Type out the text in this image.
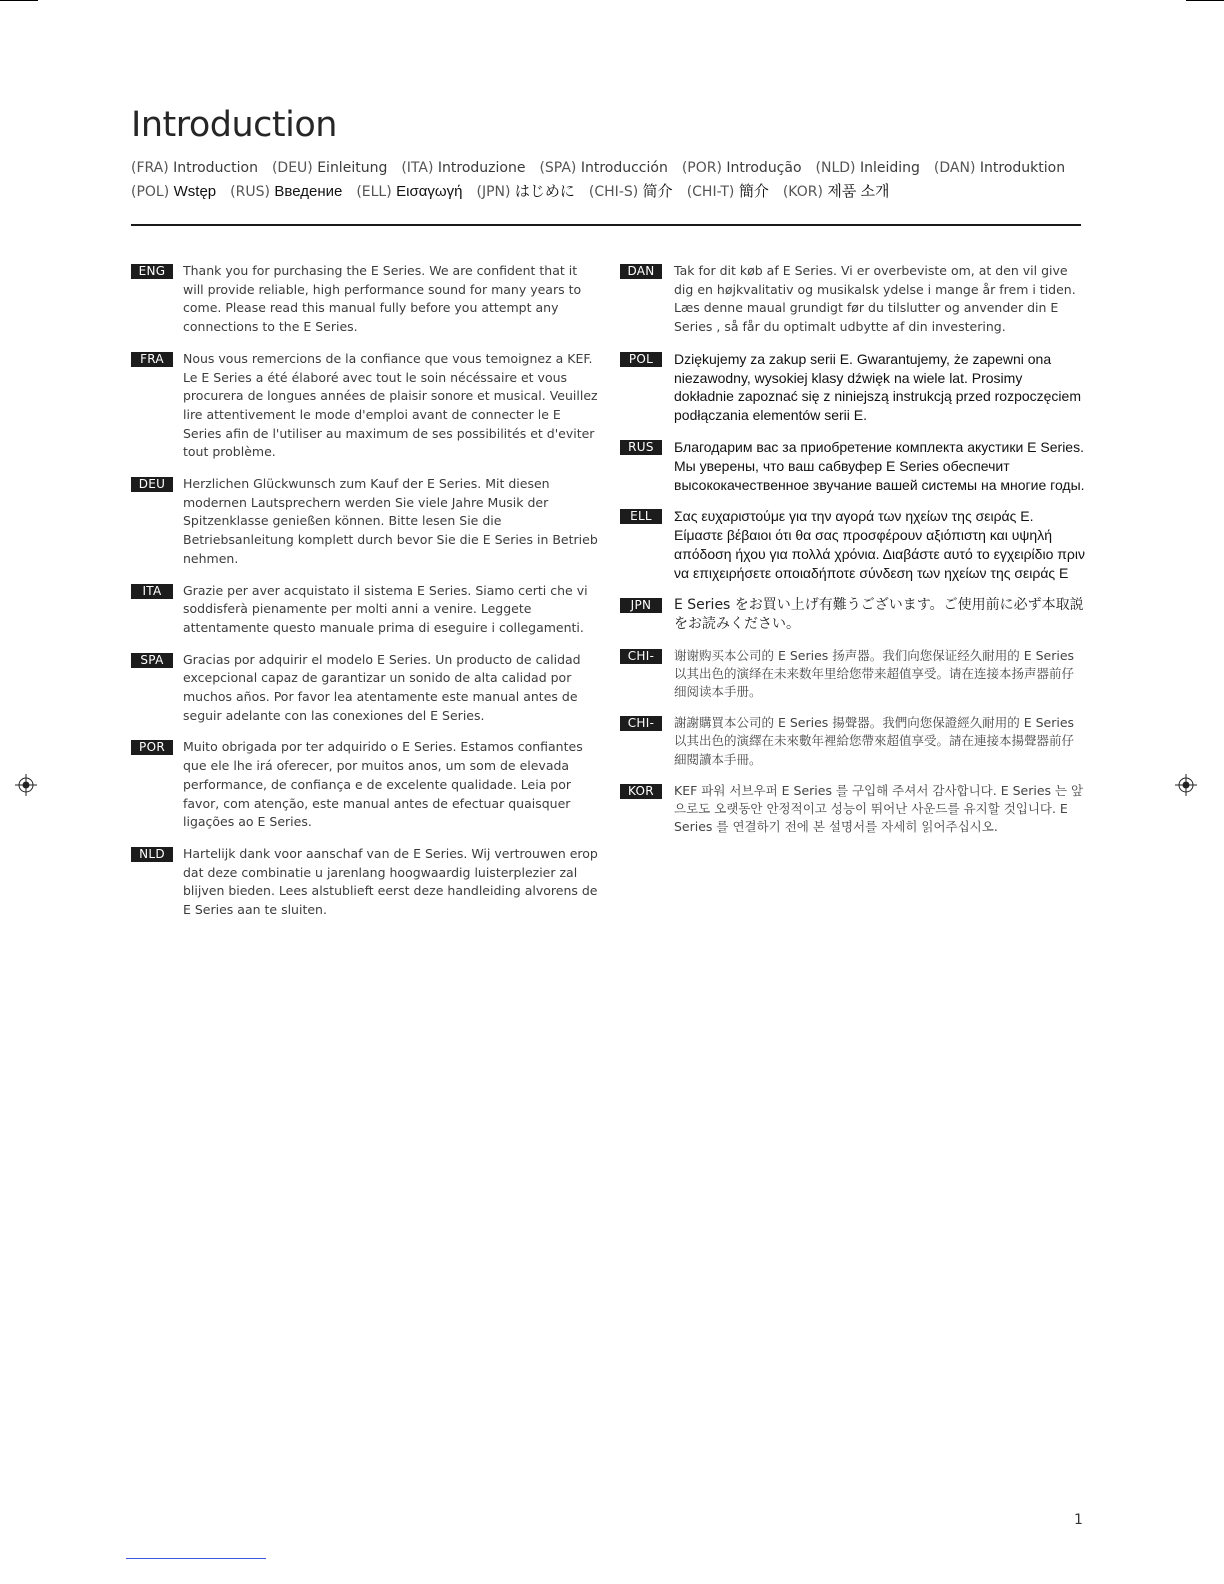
Introduction
(FRA) Introduction (DEU) Einleitung (ITA) Introduzione (SPA) Introducción (POR) Introdução (NLD) Inleiding (DAN) Introduktion
(POL) Wstęp (RUS) Введение (ELL) Εισαγωγή (JPN) はじめに (CHI-S) 简介 (CHI-T) 簡介 (KOR) 제품 소개
ENG	Thank you for purchasing the E Series. We are confident that it will provide reliable, high performance sound for many years to come. Please read this manual fully before you attempt any connections to the E Series.
FRA	Nous vous remercions de la confiance que vous temoignez a KEF. Le E Series a été élaboré avec tout le soin nécéssaire et vous procurera de longues années de plaisir sonore et musical. Veuillez lire attentivement le mode d'emploi avant de connecter le E Series afin de l'utiliser au maximum de ses possibilités et d'eviter tout problème.
DEU	Herzlichen Glückwunsch zum Kauf der E Series. Mit diesen modernen Lautsprechern werden Sie viele Jahre Musik der Spitzenklasse genießen können. Bitte lesen Sie die Betriebsanleitung komplett durch bevor Sie die E Series in Betrieb nehmen.
ITA	Grazie per aver acquistato il sistema E Series. Siamo certi che vi soddisferà pienamente per molti anni a venire. Leggete attentamente questo manuale prima di eseguire i collegamenti.
SPA	Gracias por adquirir el modelo E Series. Un producto de calidad excepcional capaz de garantizar un sonido de alta calidad por muchos años. Por favor lea atentamente este manual antes de seguir adelante con las conexiones del E Series.
POR	Muito obrigada por ter adquirido o E Series. Estamos confiantes que ele lhe irá oferecer, por muitos anos, um som de elevada performance, de confiança e de excelente qualidade. Leia por favor, com atenção, este manual antes de efectuar quaisquer ligações ao E Series.
NLD	Hartelijk dank voor aanschaf van de E Series. Wij vertrouwen erop dat deze combinatie u jarenlang hoogwaardig luisterplezier zal blijven bieden. Lees alstublieft eerst deze handleiding alvorens de E Series aan te sluiten.
DAN	Tak for dit køb af E Series. Vi er overbeviste om, at den vil give dig en højkvalitativ og musikalsk ydelse i mange år frem i tiden. Læs denne maual grundigt før du tilslutter og anvender din E Series , så får du optimalt udbytte af din investering.
POL	Dziękujemy za zakup serii E. Gwarantujemy, że zapewni ona niezawodny, wysokiej klasy dźwięk na wiele lat. Prosimy dokładnie zapoznać się z niniejszą instrukcją przed rozpoczęciem podłączania elementów serii E.
RUS	Благодарим вас за приобретение комплекта акустики E Series. Мы уверены, что ваш сабвуфер E Series обеспечит высококачественное звучание вашей системы на многие годы.
ELL	Σας ευχαριστούμε για την αγορά των ηχείων της σειράς Ε. Είμαστε βέβαιοι ότι θα σας προσφέρουν αξιόπιστη και υψηλή απόδοση ήχου για πολλά χρόνια. Διαβάστε αυτό το εγχειρίδιο πριν να επιχειρήσετε οποιαδήποτε σύνδεση των ηχείων της σειράς Ε
JPN	E Series をお買い上げ有難うございます。ご使用前に必ず本取説をお読みください。
CHI-S
谢谢购买本公司的 E Series 扬声器。我们向您保证经久耐用的 E Series 以其出色的演绎在未来数年里给您带来超值享受。请在连接本扬声器前仔细阅读本手册。
CHI-T
謝謝購買本公司的 E Series 揚聲器。我們向您保證經久耐用的 E Series 以其出色的演繹在未來數年裡給您帶來超值享受。請在連接本揚聲器前仔細閱讀本手冊。
KOR	KEF 파워 서브우퍼 E Series 를 구입해 주셔서 감사합니다. E Series 는 앞으로도 오랫동안 안정적이고 성능이 뛰어난 사운드를 유지할 것입니다. E Series 를 연결하기 전에 본 설명서를 자세히 읽어주십시오.
1
